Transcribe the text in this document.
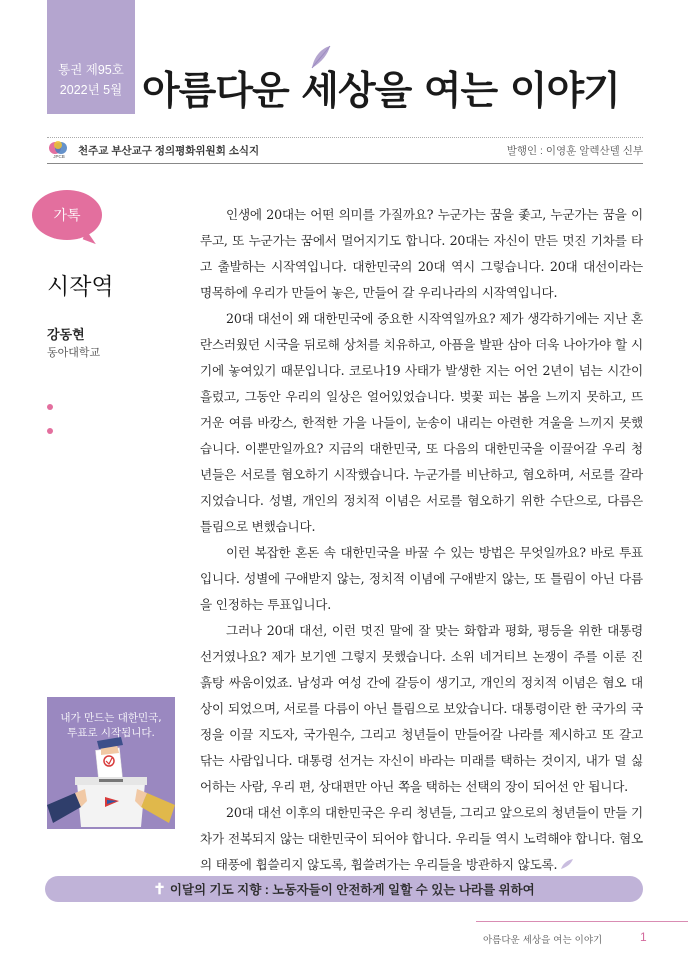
통권 제95호
2022년 5월 아름다운 세상을 여는 이야기
JPCB 천주교 부산교구 정의평화위원회 소식지	발행인 : 이영훈 알렉산델 신부
가톡
시작역
강동현
동아대학교
내가 만드는 대한민국,
투표로 시작됩니다.

인생에 20대는 어떤 의미를 가질까요? 누군가는 꿈을 좇고, 누군가는 꿈을 이루고, 또 누군가는 꿈에서 멀어지기도 합니다. 20대는 자신이 만든 멋진 기차를 타고 출발하는 시작역입니다. 대한민국의 20대 역시 그렇습니다. 20대 대선이라는 명목하에 우리가 만들어 놓은, 만들어 갈 우리나라의 시작역입니다.

20대 대선이 왜 대한민국에 중요한 시작역일까요? 제가 생각하기에는 지난 혼란스러웠던 시국을 뒤로해 상처를 치유하고, 아픔을 발판 삼아 더욱 나아가야 할 시기에 놓여있기 때문입니다. 코로나19 사태가 발생한 지는 어언 2년이 넘는 시간이 흘렀고, 그동안 우리의 일상은 얼어있었습니다. 벚꽃 피는 봄을 느끼지 못하고, 뜨거운 여름 바캉스, 한적한 가을 나들이, 눈송이 내리는 아련한 겨울을 느끼지 못했습니다. 이뿐만일까요? 지금의 대한민국, 또 다음의 대한민국을 이끌어갈 우리 청년들은 서로를 혐오하기 시작했습니다. 누군가를 비난하고, 혐오하며, 서로를 갈라지었습니다. 성별, 개인의 정치적 이념은 서로를 혐오하기 위한 수단으로, 다름은 틀림으로 변했습니다.

이런 복잡한 혼돈 속 대한민국을 바꿀 수 있는 방법은 무엇일까요? 바로 투표입니다. 성별에 구애받지 않는, 정치적 이념에 구애받지 않는, 또 틀림이 아닌 다름을 인정하는 투표입니다.

그러나 20대 대선, 이런 멋진 말에 잘 맞는 화합과 평화, 평등을 위한 대통령 선거였나요? 제가 보기엔 그렇지 못했습니다. 소위 네거티브 논쟁이 주를 이룬 진흙탕 싸움이었죠. 남성과 여성 간에 갈등이 생기고, 개인의 정치적 이념은 혐오 대상이 되었으며, 서로를 다름이 아닌 틀림으로 보았습니다. 대통령이란 한 국가의 국정을 이끌 지도자, 국가원수, 그리고 청년들이 만들어갈 나라를 제시하고 또 갈고 닦는 사람입니다. 대통령 선거는 자신이 바라는 미래를 택하는 것이지, 내가 덜 싫어하는 사람, 우리 편, 상대편만 아닌 쪽을 택하는 선택의 장이 되어선 안 됩니다.

20대 대선 이후의 대한민국은 우리 청년들, 그리고 앞으로의 청년들이 만들 기차가 전복되지 않는 대한민국이 되어야 합니다. 우리들 역시 노력해야 합니다. 혐오의 태풍에 휩쓸리지 않도록, 휩쓸려가는 우리들을 방관하지 않도록.

✝ 이달의 기도 지향 : 노동자들이 안전하게 일할 수 있는 나라를 위하여
아름다운 세상을 여는 이야기	1
